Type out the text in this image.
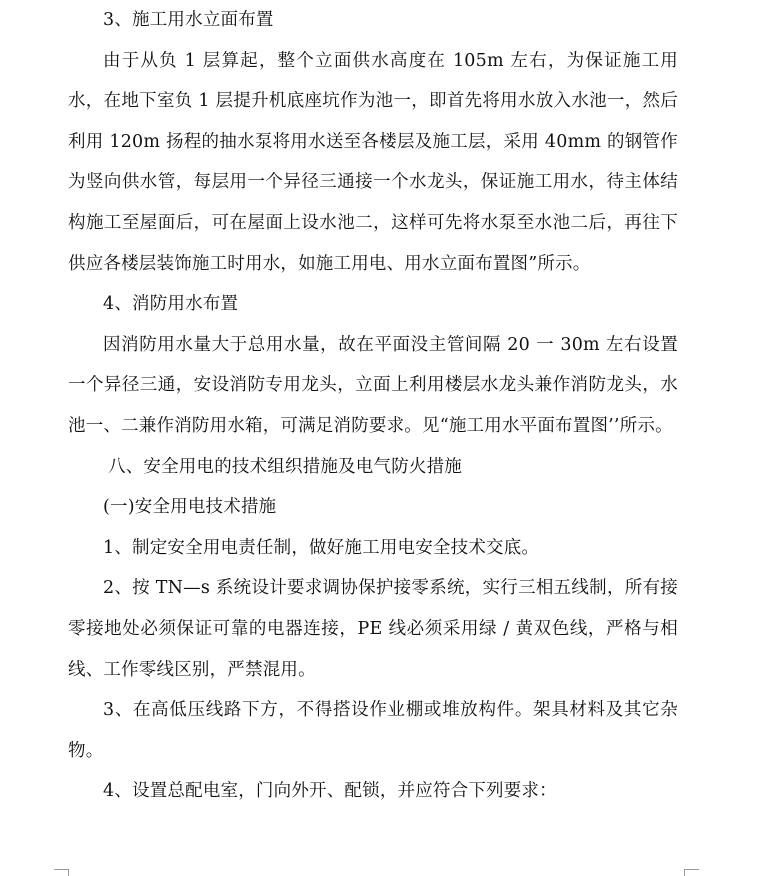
3、施工用水立面布置

由于从负 1 层算起，整个立面供水高度在 105m 左右，为保证施工用水，在地下室负 1 层提升机底座坑作为池一，即首先将用水放入水池一，然后利用 120m 扬程的抽水泵将用水送至各楼层及施工层，采用 40mm 的钢管作为竖向供水管，每层用一个异径三通接一个水龙头，保证施工用水，待主体结构施工至屋面后，可在屋面上设水池二，这样可先将水泵至水池二后，再往下供应各楼层装饰施工时用水，如施工用电、用水立面布置图”所示。

4、消防用水布置

因消防用水量大于总用水量，故在平面没主管间隔 20 一 30m 左右设置一个异径三通，安设消防专用龙头，立面上利用楼层水龙头兼作消防龙头，水池一、二兼作消防用水箱，可满足消防要求。见“施工用水平面布置图’’所示。

八、安全用电的技术组织措施及电气防火措施

(一)安全用电技术措施

1、制定安全用电责任制，做好施工用电安全技术交底。

2、按 TN—s 系统设计要求调协保护接零系统，实行三相五线制，所有接零接地处必须保证可靠的电器连接，PE 线必须采用绿 / 黄双色线，严格与相线、工作零线区别，严禁混用。

3、在高低压线路下方，不得搭设作业棚或堆放构件。架具材料及其它杂物。

4、设置总配电室，门向外开、配锁，并应符合下列要求：
